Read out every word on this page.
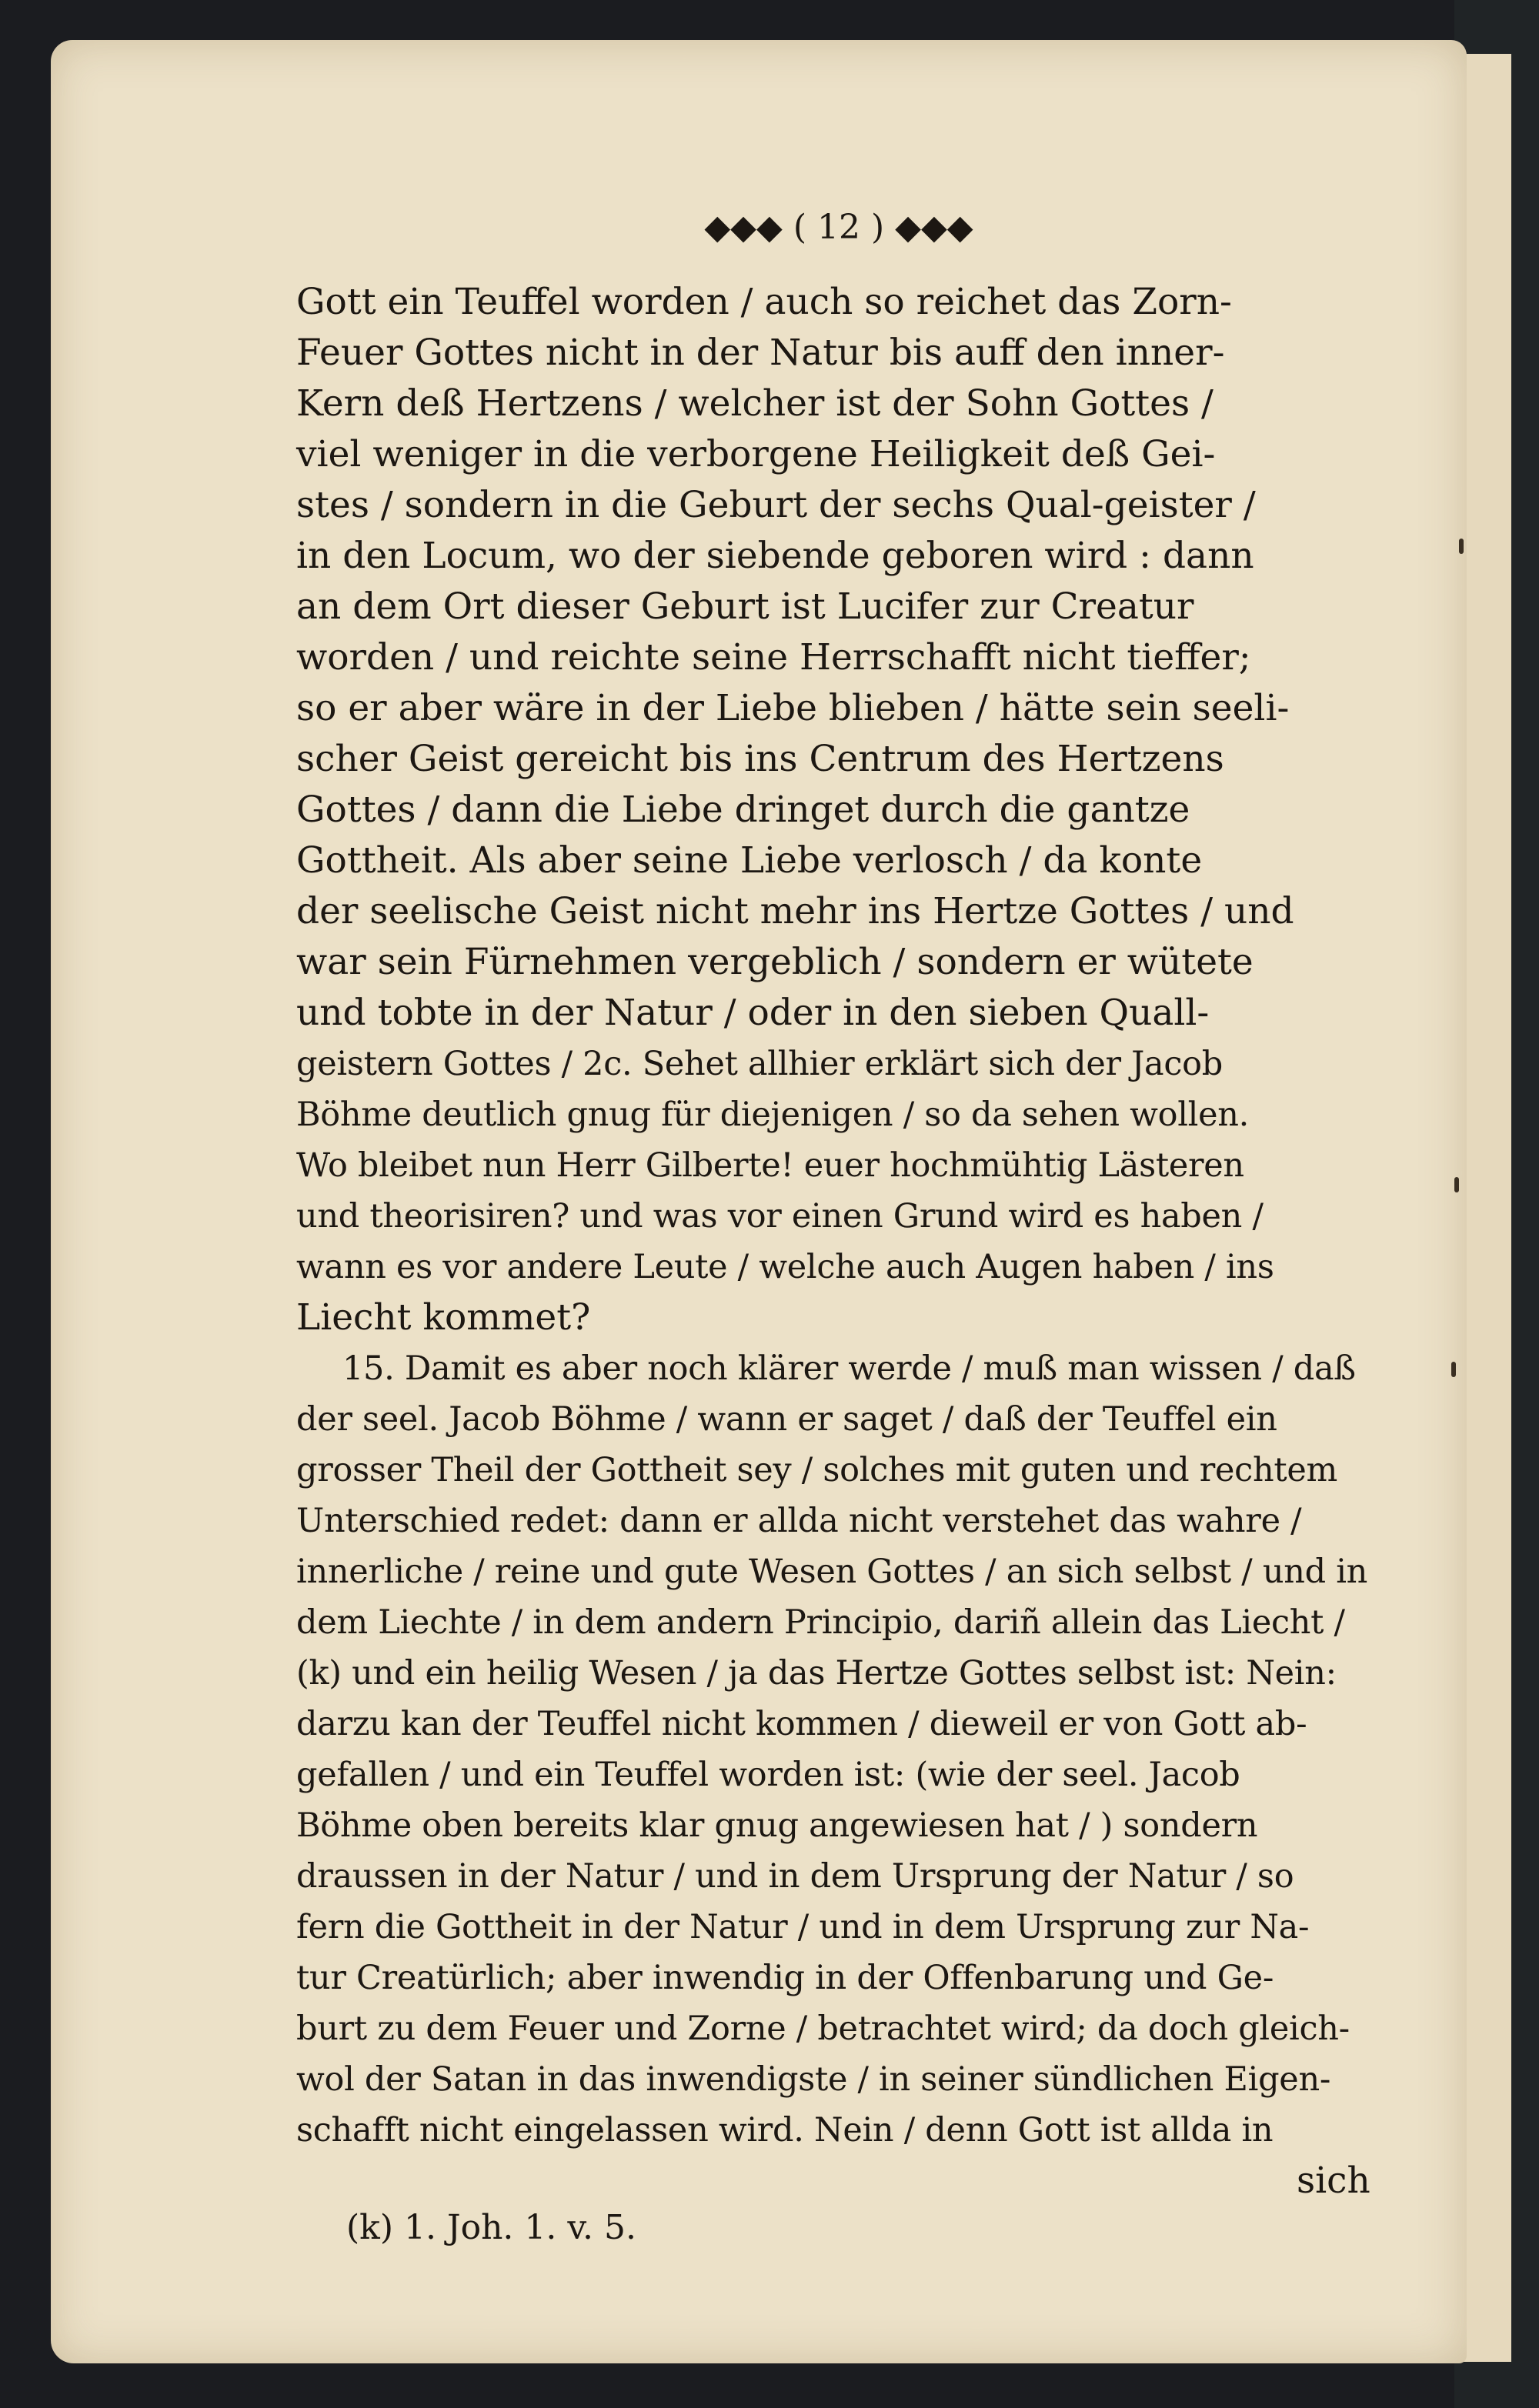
◆◆◆ ( 12 ) ◆◆◆
Gott ein Teuffel worden / auch so reichet das Zorn-
Feuer Gottes nicht in der Natur bis auff den inner-
Kern deß Hertzens / welcher ist der Sohn Gottes /
viel weniger in die verborgene Heiligkeit deß Gei-
stes / sondern in die Geburt der sechs Qual-geister /
in den Locum, wo der siebende geboren wird : dann
an dem Ort dieser Geburt ist Lucifer zur Creatur
worden / und reichte seine Herrschafft nicht tieffer;
so er aber wäre in der Liebe blieben / hätte sein seeli-
scher Geist gereicht bis ins Centrum des Hertzens
Gottes / dann die Liebe dringet durch die gantze
Gottheit. Als aber seine Liebe verlosch / da konte
der seelische Geist nicht mehr ins Hertze Gottes / und
war sein Fürnehmen vergeblich / sondern er wütete
und tobte in der Natur / oder in den sieben Quall-
geistern Gottes / 2c. Sehet allhier erklärt sich der Jacob
Böhme deutlich gnug für diejenigen / so da sehen wollen.
Wo bleibet nun Herr Gilberte! euer hochmühtig Lästeren
und theorisiren? und was vor einen Grund wird es haben /
wann es vor andere Leute / welche auch Augen haben / ins
Liecht kommet?
15. Damit es aber noch klärer werde / muß man wissen / daß
der seel. Jacob Böhme / wann er saget / daß der Teuffel ein
grosser Theil der Gottheit sey / solches mit guten und rechtem
Unterschied redet: dann er allda nicht verstehet das wahre /
innerliche / reine und gute Wesen Gottes / an sich selbst / und in
dem Liechte / in dem andern Principio, dariñ allein das Liecht /
(k) und ein heilig Wesen / ja das Hertze Gottes selbst ist: Nein:
darzu kan der Teuffel nicht kommen / dieweil er von Gott ab-
gefallen / und ein Teuffel worden ist: (wie der seel. Jacob
Böhme oben bereits klar gnug angewiesen hat / ) sondern
draussen in der Natur / und in dem Ursprung der Natur / so
fern die Gottheit in der Natur / und in dem Ursprung zur Na-
tur Creatürlich; aber inwendig in der Offenbarung und Ge-
burt zu dem Feuer und Zorne / betrachtet wird; da doch gleich-
wol der Satan in das inwendigste / in seiner sündlichen Eigen-
schafft nicht eingelassen wird. Nein / denn Gott ist allda in
sich
(k) 1. Joh. 1. v. 5.
